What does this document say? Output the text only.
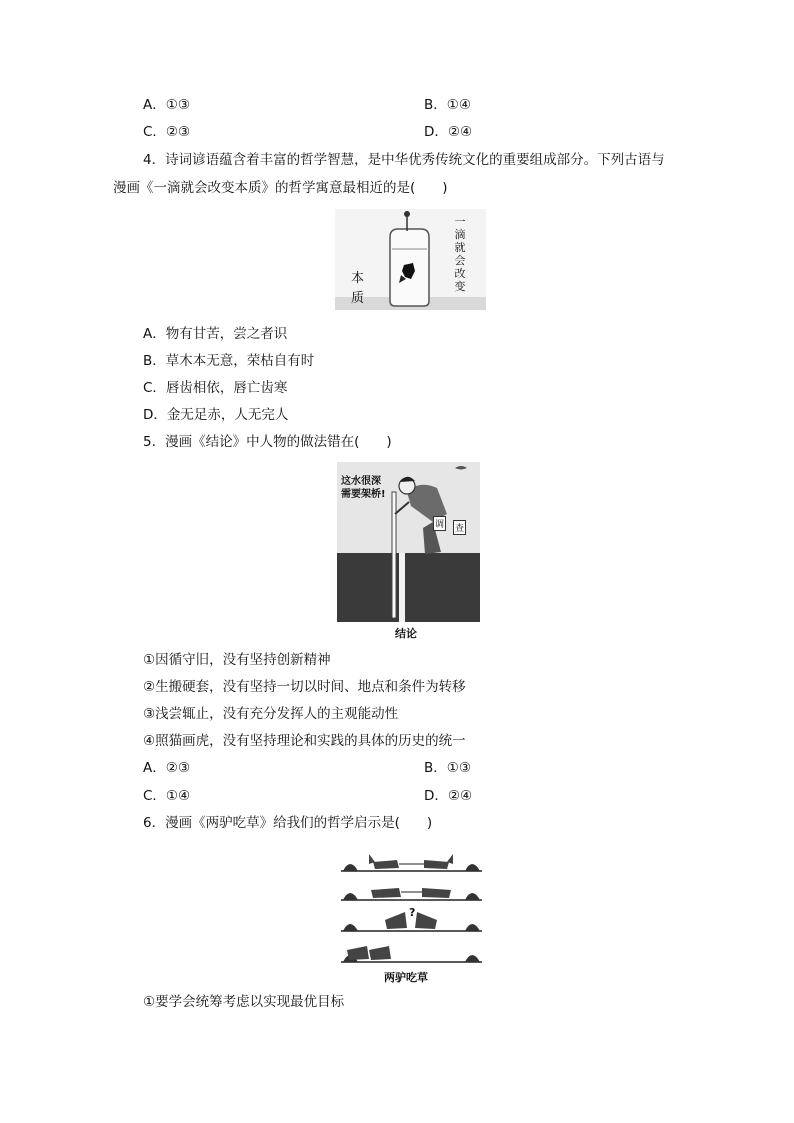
A．①③	B．①④
C．②③	D．②④
4．诗词谚语蕴含着丰富的哲学智慧，是中华优秀传统文化的重要组成部分。下列古语与
漫画《一滴就会改变本质》的哲学寓意最相近的是(　　)
一滴就会改变
本
质
A．物有甘苦，尝之者识
B．草木本无意，荣枯自有时
C．唇齿相依，唇亡齿寒
D．金无足赤，人无完人
5．漫画《结论》中人物的做法错在(　　)
这水很深
需要架桥!
调 查
结论
①因循守旧，没有坚持创新精神
②生搬硬套，没有坚持一切以时间、地点和条件为转移
③浅尝辄止，没有充分发挥人的主观能动性
④照猫画虎，没有坚持理论和实践的具体的历史的统一
A．②③	B．①③
C．①④	D．②④
6．漫画《两驴吃草》给我们的哲学启示是(　　)
?
两驴吃草
①要学会统筹考虑以实现最优目标
